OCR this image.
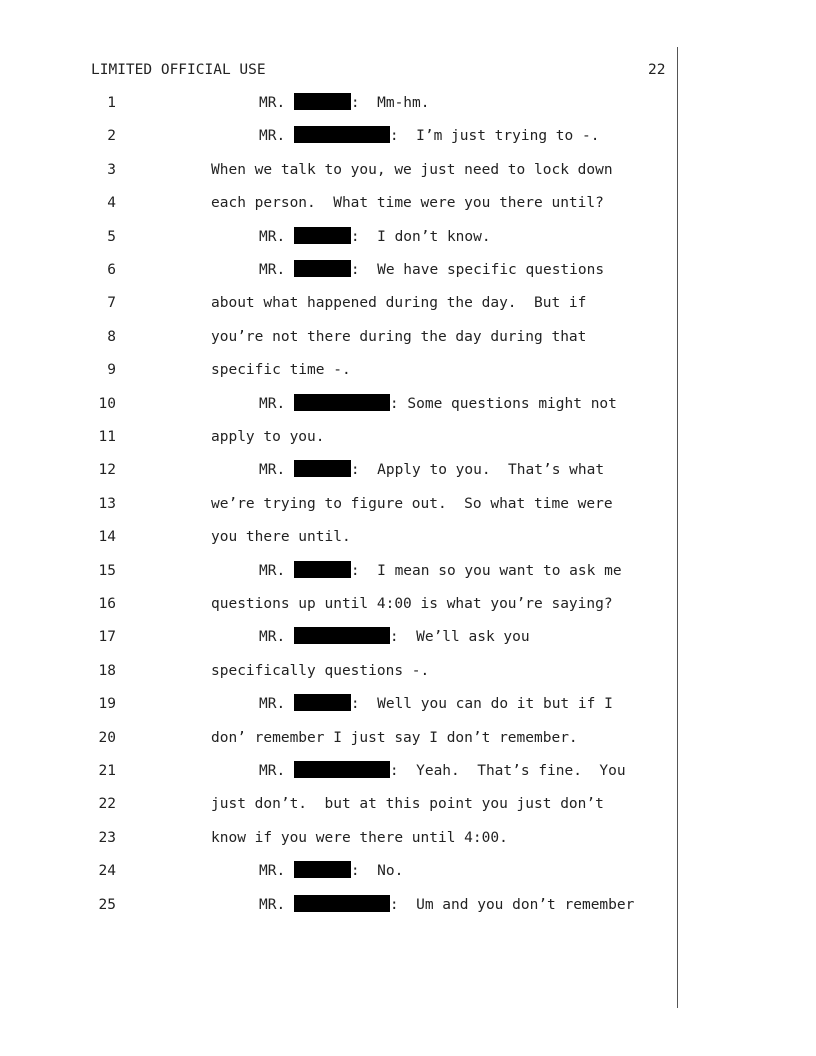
LIMITED OFFICIAL USE	22
1	MR.	:  Mm-hm.
2	MR.	:  I’m just trying to -.
3	When we talk to you, we just need to lock down
4	each person.  What time were you there until?
5	MR.	:  I don’t know.
6	MR.	:  We have specific questions
7	about what happened during the day.  But if
8	you’re not there during the day during that
9	specific time -.
10	MR.	: Some questions might not
11	apply to you.
12	MR.	:  Apply to you.  That’s what
13	we’re trying to figure out.  So what time were
14	you there until.
15	MR.	:  I mean so you want to ask me
16	questions up until 4:00 is what you’re saying?
17	MR.	:  We’ll ask you
18	specifically questions -.
19	MR.	:  Well you can do it but if I
20	don’ remember I just say I don’t remember.
21	MR.	:  Yeah.  That’s fine.  You
22	just don’t.  but at this point you just don’t
23	know if you were there until 4:00.
24	MR.	:  No.
25	MR.	:  Um and you don’t remember
